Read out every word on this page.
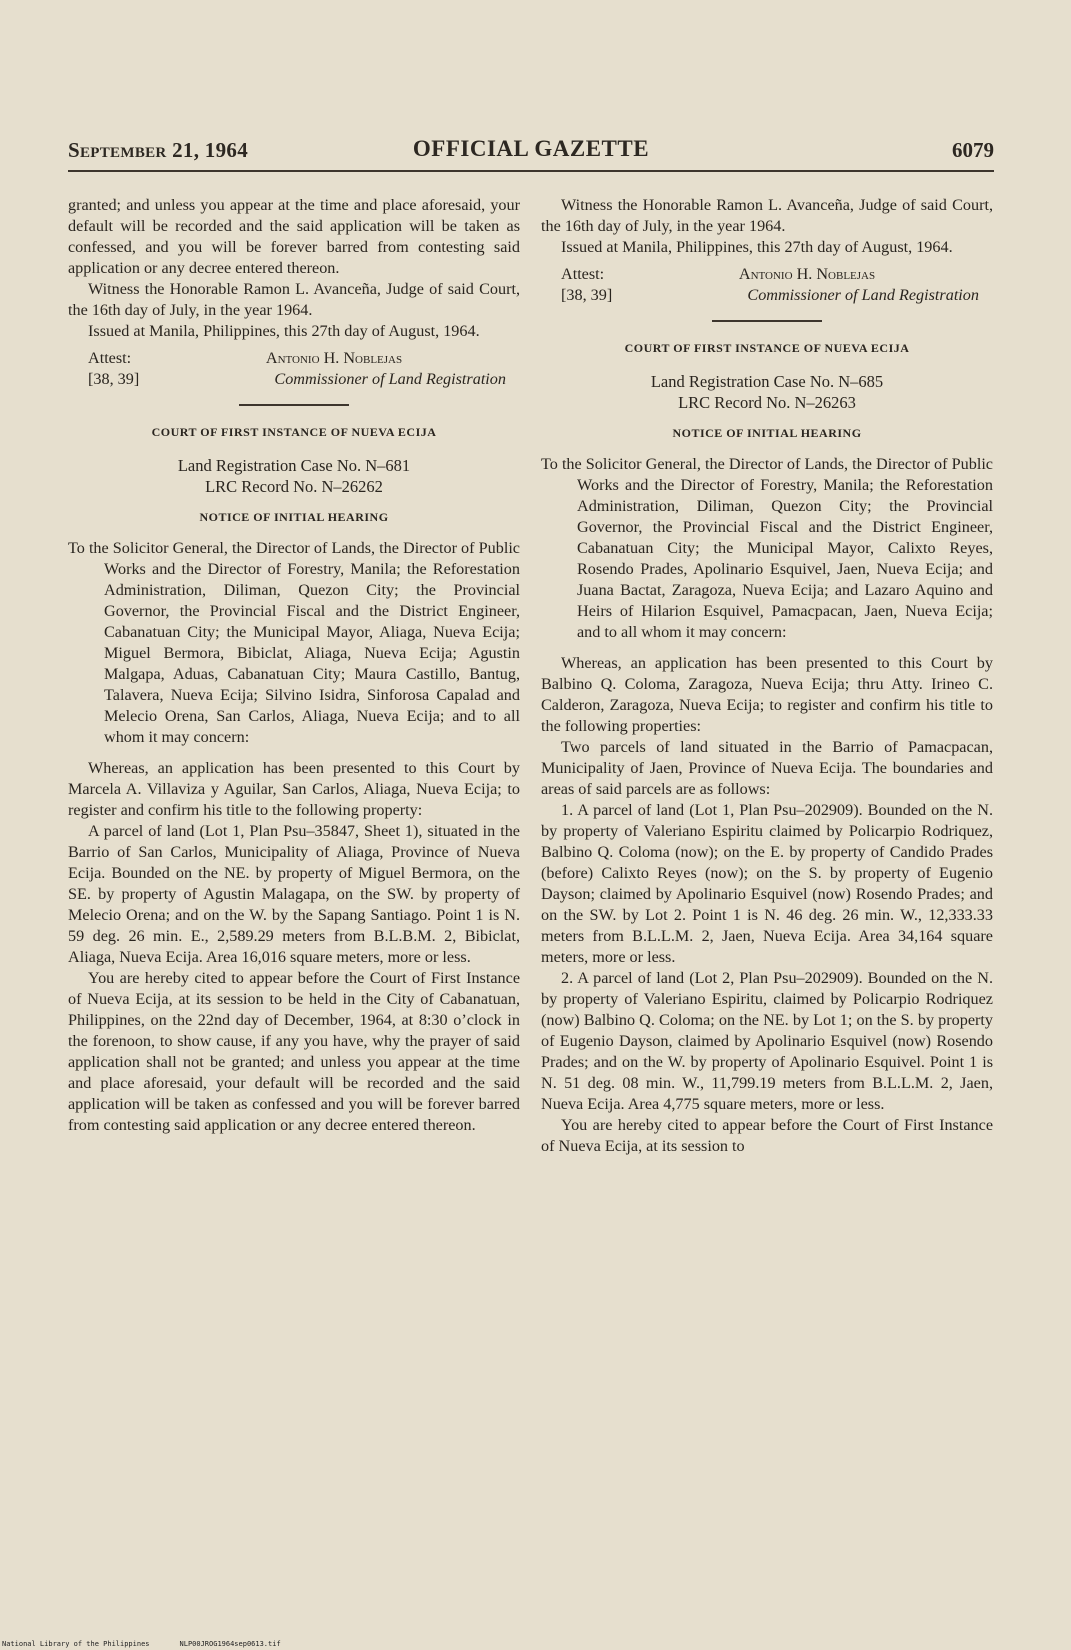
September 21, 1964	OFFICIAL GAZETTE	6079

granted; and unless you appear at the time and place aforesaid, your default will be recorded and the said application will be taken as confessed, and you will be forever barred from contesting said application or any decree entered thereon.

Witness the Honorable Ramon L. Avanceña, Judge of said Court, the 16th day of July, in the year 1964.

Issued at Manila, Philippines, this 27th day of August, 1964.

Attest:	Antonio H. Noblejas
[38, 39]	Commissioner of Land Registration
COURT OF FIRST INSTANCE OF NUEVA ECIJA
Land Registration Case No. N–681
LRC Record No. N–26262
NOTICE OF INITIAL HEARING

To the Solicitor General, the Director of Lands, the Director of Public Works and the Director of Forestry, Manila; the Reforestation Administration, Diliman, Quezon City; the Provincial Governor, the Provincial Fiscal and the District Engineer, Cabanatuan City; the Municipal Mayor, Aliaga, Nueva Ecija; Miguel Bermora, Bibiclat, Aliaga, Nueva Ecija; Agustin Malgapa, Aduas, Cabanatuan City; Maura Castillo, Bantug, Talavera, Nueva Ecija; Silvino Isidra, Sinforosa Capalad and Melecio Orena, San Carlos, Aliaga, Nueva Ecija; and to all whom it may concern:

Whereas, an application has been presented to this Court by Marcela A. Villaviza y Aguilar, San Carlos, Aliaga, Nueva Ecija; to register and confirm his title to the following property:

A parcel of land (Lot 1, Plan Psu–35847, Sheet 1), situated in the Barrio of San Carlos, Municipality of Aliaga, Province of Nueva Ecija. Bounded on the NE. by property of Miguel Bermora, on the SE. by property of Agustin Malagapa, on the SW. by property of Melecio Orena; and on the W. by the Sapang Santiago. Point 1 is N. 59 deg. 26 min. E., 2,589.29 meters from B.L.B.M. 2, Bibiclat, Aliaga, Nueva Ecija. Area 16,016 square meters, more or less.

You are hereby cited to appear before the Court of First Instance of Nueva Ecija, at its session to be held in the City of Cabanatuan, Philippines, on the 22nd day of December, 1964, at 8:30 o’clock in the forenoon, to show cause, if any you have, why the prayer of said application shall not be granted; and unless you appear at the time and place aforesaid, your default will be recorded and the said application will be taken as confessed and you will be forever barred from contesting said application or any decree entered thereon.

Witness the Honorable Ramon L. Avanceña, Judge of said Court, the 16th day of July, in the year 1964.

Issued at Manila, Philippines, this 27th day of August, 1964.

Attest:	Antonio H. Noblejas
[38, 39]	Commissioner of Land Registration
COURT OF FIRST INSTANCE OF NUEVA ECIJA
Land Registration Case No. N–685
LRC Record No. N–26263
NOTICE OF INITIAL HEARING

To the Solicitor General, the Director of Lands, the Director of Public Works and the Director of Forestry, Manila; the Reforestation Administration, Diliman, Quezon City; the Provincial Governor, the Provincial Fiscal and the District Engineer, Cabanatuan City; the Municipal Mayor, Calixto Reyes, Rosendo Prades, Apolinario Esquivel, Jaen, Nueva Ecija; and Juana Bactat, Zaragoza, Nueva Ecija; and Lazaro Aquino and Heirs of Hilarion Esquivel, Pamacpacan, Jaen, Nueva Ecija; and to all whom it may concern:

Whereas, an application has been presented to this Court by Balbino Q. Coloma, Zaragoza, Nueva Ecija; thru Atty. Irineo C. Calderon, Zaragoza, Nueva Ecija; to register and confirm his title to the following properties:

Two parcels of land situated in the Barrio of Pamacpacan, Municipality of Jaen, Province of Nueva Ecija. The boundaries and areas of said parcels are as follows:

1. A parcel of land (Lot 1, Plan Psu–202909). Bounded on the N. by property of Valeriano Espiritu claimed by Policarpio Rodriquez, Balbino Q. Coloma (now); on the E. by property of Candido Prades (before) Calixto Reyes (now); on the S. by property of Eugenio Dayson; claimed by Apolinario Esquivel (now) Rosendo Prades; and on the SW. by Lot 2. Point 1 is N. 46 deg. 26 min. W., 12,333.33 meters from B.L.L.M. 2, Jaen, Nueva Ecija. Area 34,164 square meters, more or less.

2. A parcel of land (Lot 2, Plan Psu–202909). Bounded on the N. by property of Valeriano Espiritu, claimed by Policarpio Rodriquez (now) Balbino Q. Coloma; on the NE. by Lot 1; on the S. by property of Eugenio Dayson, claimed by Apolinario Esquivel (now) Rosendo Prades; and on the W. by property of Apolinario Esquivel. Point 1 is N. 51 deg. 08 min. W., 11,799.19 meters from B.L.L.M. 2, Jaen, Nueva Ecija. Area 4,775 square meters, more or less.

You are hereby cited to appear before the Court of First Instance of Nueva Ecija, at its session to

National Library of the Philippines	NLP00JROG1964sep0613.tif
